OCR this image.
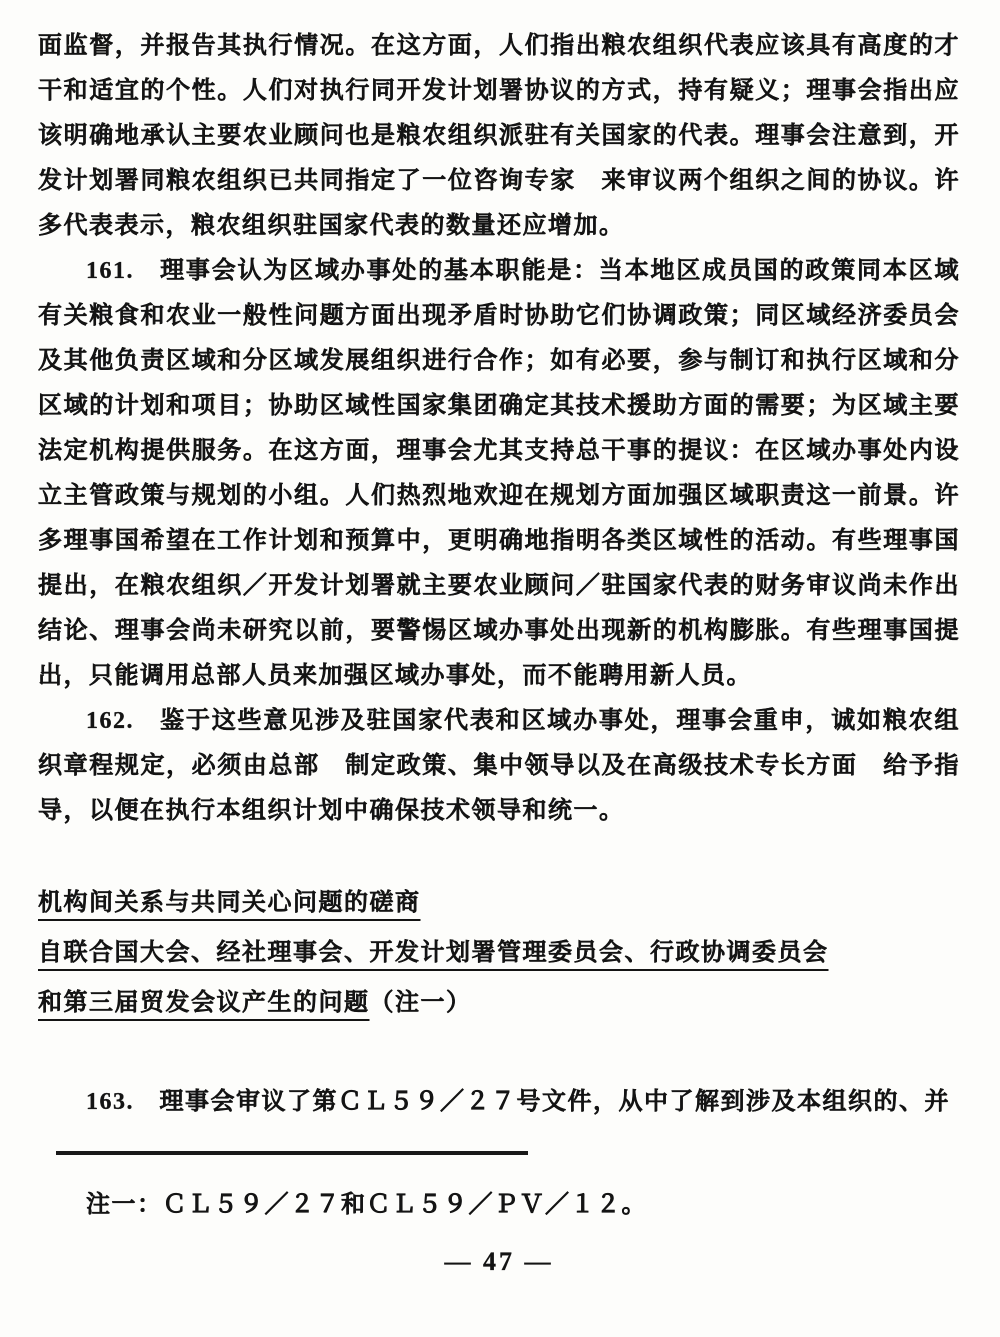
面监督，并报告其执行情况。在这方面，人们指出粮农组织代表应该具有高度的才干和适宜的个性。人们对执行同开发计划署协议的方式，持有疑义；理事会指出应该明确地承认主要农业顾问也是粮农组织派驻有关国家的代表。理事会注意到，开发计划署同粮农组织已共同指定了一位咨询专家　来审议两个组织之间的协议。许多代表表示，粮农组织驻国家代表的数量还应增加。

161.　理事会认为区域办事处的基本职能是：当本地区成员国的政策同本区域有关粮食和农业一般性问题方面出现矛盾时协助它们协调政策；同区域经济委员会及其他负责区域和分区域发展组织进行合作；如有必要，参与制订和执行区域和分区域的计划和项目；协助区域性国家集团确定其技术援助方面的需要；为区域主要法定机构提供服务。在这方面，理事会尤其支持总干事的提议：在区域办事处内设立主管政策与规划的小组。人们热烈地欢迎在规划方面加强区域职责这一前景。许多理事国希望在工作计划和预算中，更明确地指明各类区域性的活动。有些理事国提出，在粮农组织／开发计划署就主要农业顾问／驻国家代表的财务审议尚未作出结论、理事会尚未研究以前，要警惕区域办事处出现新的机构膨胀。有些理事国提出，只能调用总部人员来加强区域办事处，而不能聘用新人员。

162.　鉴于这些意见涉及驻国家代表和区域办事处，理事会重申，诚如粮农组织章程规定，必须由总部　制定政策、集中领导以及在高级技术专长方面　给予指导，以便在执行本组织计划中确保技术领导和统一。

机构间关系与共同关心问题的磋商
自联合国大会、经社理事会、开发计划署管理委员会、行政协调委员会
和第三届贸发会议产生的问题（注一）

163.　理事会审议了第ＣＬ５９／２７号文件，从中了解到涉及本组织的、并

注一：ＣＬ５９／２７和ＣＬ５９／ＰＶ／１２。

— 47 —
